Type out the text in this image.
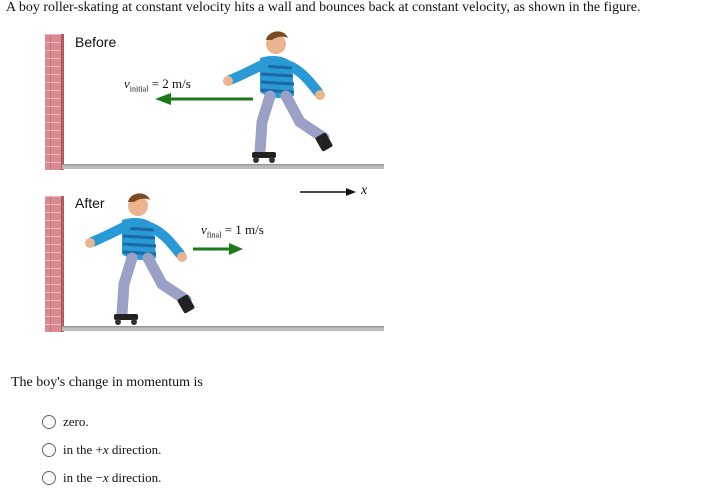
A boy roller-skating at constant velocity hits a wall and bounces back at constant velocity, as shown in the figure.
Before
$v_{initial} = 2$ m/s
x
After
$v_{final} = 1$ m/s
The boy's change in momentum is
zero.
in the +x direction.
in the −x direction.
